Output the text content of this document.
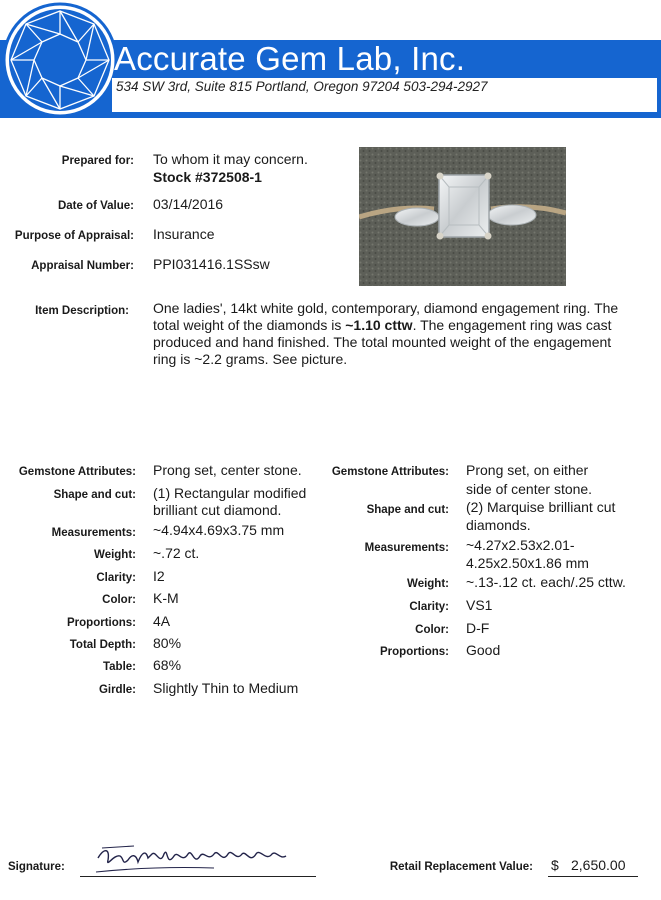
Accurate Gem Lab, Inc.
534 SW 3rd, Suite 815 Portland, Oregon 97204 503-294-2927
Prepared for: To whom it may concern.
Stock #372508-1
Date of Value: 03/14/2016
Purpose of Appraisal: Insurance
Appraisal Number: PPI031416.1SSsw
Item Description: One ladies', 14kt white gold, contemporary, diamond engagement ring. The
total weight of the diamonds is ~1.10 cttw. The engagement ring was cast
produced and hand finished. The total mounted weight of the engagement
ring is ~2.2 grams. See picture.
Gemstone Attributes: Prong set, center stone.
Shape and cut: (1) Rectangular modified
brilliant cut diamond.
Measurements: ~4.94x4.69x3.75 mm
Weight: ~.72 ct.
Clarity: I2
Color: K-M
Proportions: 4A
Total Depth: 80%
Table: 68%
Girdle: Slightly Thin to Medium
Gemstone Attributes: Prong set, on either
side of center stone.
Shape and cut: (2) Marquise brilliant cut
diamonds.
Measurements: ~4.27x2.53x2.01-
4.25x2.50x1.86 mm
Weight: ~.13-.12 ct. each/.25 cttw.
Clarity: VS1
Color: D-F
Proportions: Good
Signature:	Retail Replacement Value: $ 2,650.00
